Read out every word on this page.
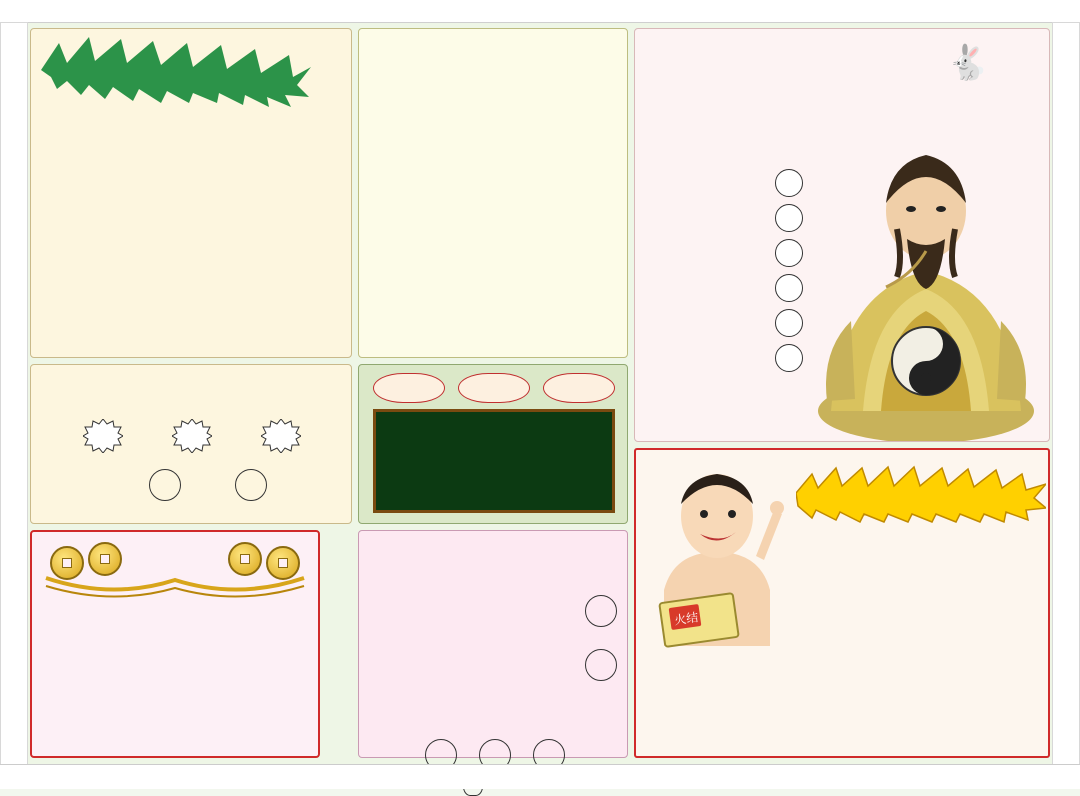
🐇
火结
